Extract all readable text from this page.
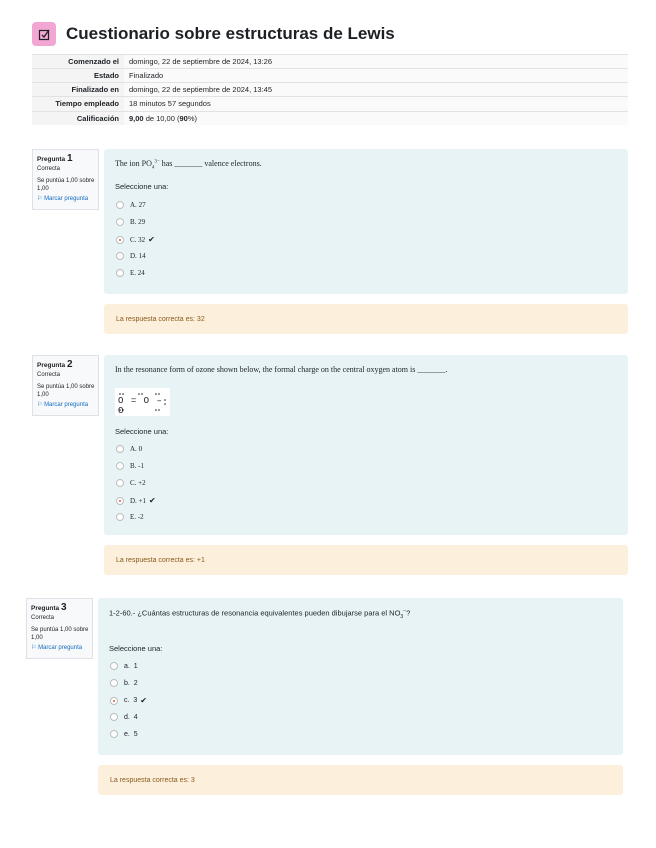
Cuestionario sobre estructuras de Lewis
Comenzado el	domingo, 22 de septiembre de 2024, 13:26
Estado	Finalizado
Finalizado en	domingo, 22 de septiembre de 2024, 13:45
Tiempo empleado	18 minutos 57 segundos
Calificación	9,00 de 10,00 (90%)
Pregunta 1
Correcta
Se puntúa 1,00 sobre 1,00
⚐ Marcar pregunta
The ion $PO_4^{3-}$ has _______ valence electrons.
Seleccione una:
A.
27
B.
29
C.
32 ✔
D.
14
E.
24
La respuesta correcta es: 32
Pregunta 2
Correcta
Se puntúa 1,00 sobre 1,00
⚐ Marcar pregunta
In the resonance form of ozone shown below, the formal charge on the central oxygen atom is _______.
O = O – O
Seleccione una:
A.
0
B.
-1
C.
+2
D.
+1 ✔
E.
-2
La respuesta correcta es: +1
Pregunta 3
Correcta
Se puntúa 1,00 sobre 1,00
⚐ Marcar pregunta
1-2-60.- ¿Cuántas estructuras de resonancia equivalentes pueden dibujarse para el $NO_3^-$?
Seleccione una:
a.
1
b.
2
c.
3 ✔
d.
4
e.
5
La respuesta correcta es: 3
